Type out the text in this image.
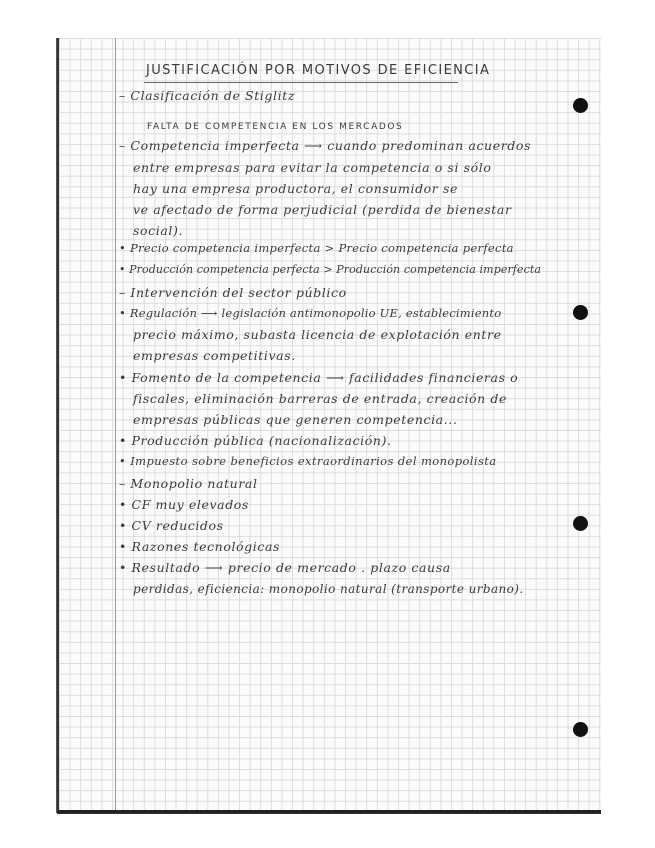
JUSTIFICACIÓN POR MOTIVOS DE EFICIENCIA
– Clasificación de Stiglitz
FALTA DE COMPETENCIA EN LOS MERCADOS
– Competencia imperfecta ⟶ cuando predominan acuerdos
entre empresas para evitar la competencia o si sólo
hay una empresa productora, el consumidor se
ve afectado de forma perjudicial (perdida de bienestar
social).
• Precio competencia imperfecta > Precio competencia perfecta
• Producción competencia perfecta > Producción competencia imperfecta
– Intervención del sector público
• Regulación ⟶ legislación antimonopolio UE, establecimiento
precio máximo, subasta licencia de explotación entre
empresas competitivas.
• Fomento de la competencia ⟶ facilidades financieras o
fiscales, eliminación barreras de entrada, creación de
empresas públicas que generen competencia...
• Producción pública (nacionalización).
• Impuesto sobre beneficios extraordinarios del monopolista
– Monopolio natural
• CF muy elevados
• CV reducidos
• Razones tecnológicas
• Resultado ⟶ precio de mercado . plazo causa
perdidas, eficiencia: monopolio natural (transporte urbano).
